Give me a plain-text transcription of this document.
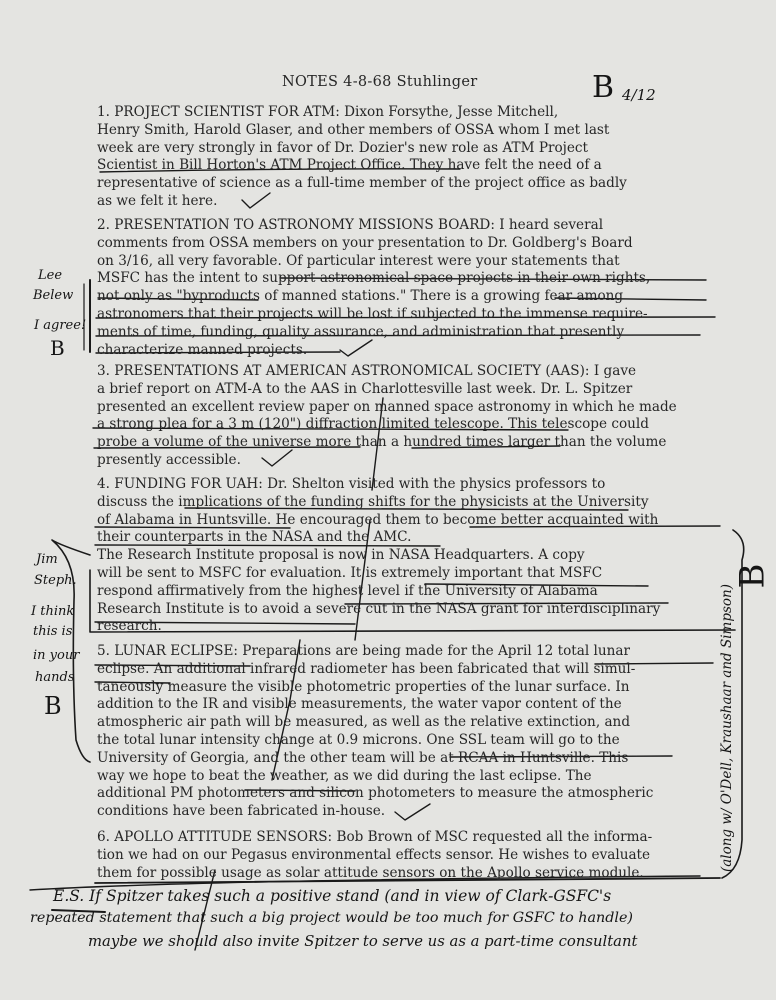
NOTES 4-8-68 Stuhlinger	B 4/12
1. PROJECT SCIENTIST FOR ATM: Dixon Forsythe, Jesse Mitchell,
Henry Smith, Harold Glaser, and other members of OSSA whom I met last
week are very strongly in favor of Dr. Dozier's new role as ATM Project
Scientist in Bill Horton's ATM Project Office. They have felt the need of a
representative of science as a full-time member of the project office as badly
as we felt it here.
2. PRESENTATION TO ASTRONOMY MISSIONS BOARD: I heard several
comments from OSSA members on your presentation to Dr. Goldberg's Board
on 3/16, all very favorable. Of particular interest were your statements that
MSFC has the intent to support astronomical space projects in their own rights,
not only as "byproducts of manned stations." There is a growing fear among
astronomers that their projects will be lost if subjected to the immense require-
ments of time, funding, quality assurance, and administration that presently
characterize manned projects.
3. PRESENTATIONS AT AMERICAN ASTRONOMICAL SOCIETY (AAS): I gave
a brief report on ATM-A to the AAS in Charlottesville last week. Dr. L. Spitzer
presented an excellent review paper on manned space astronomy in which he made
a strong plea for a 3 m (120") diffraction limited telescope. This telescope could
probe a volume of the universe more than a hundred times larger than the volume
presently accessible.
4. FUNDING FOR UAH: Dr. Shelton visited with the physics professors to
discuss the implications of the funding shifts for the physicists at the University
of Alabama in Huntsville. He encouraged them to become better acquainted with
their counterparts in the NASA and the AMC.
The Research Institute proposal is now in NASA Headquarters. A copy
will be sent to MSFC for evaluation. It is extremely important that MSFC
respond affirmatively from the highest level if the University of Alabama
Research Institute is to avoid a severe cut in the NASA grant for interdisciplinary
research.
5. LUNAR ECLIPSE: Preparations are being made for the April 12 total lunar
eclipse. An additional infrared radiometer has been fabricated that will simul-
taneously measure the visible photometric properties of the lunar surface. In
addition to the IR and visible measurements, the water vapor content of the
atmospheric air path will be measured, as well as the relative extinction, and
the total lunar intensity change at 0.9 microns. One SSL team will go to the
University of Georgia, and the other team will be at RCAA in Huntsville. This
way we hope to beat the weather, as we did during the last eclipse. The
additional PM photometers and silicon photometers to measure the atmospheric
conditions have been fabricated in-house.
6. APOLLO ATTITUDE SENSORS: Bob Brown of MSC requested all the informa-
tion we had on our Pegasus environmental effects sensor. He wishes to evaluate
them for possible usage as solar attitude sensors on the Apollo service module.
Lee
Belew
I agree!
B
Jim
Steph.
I think
this is
in your
hands
B	(along w/ O'Dell, Kraushaar and Simpson)
B
E.S. If Spitzer takes such a positive stand (and in view of Clark-GSFC's
repeated statement that such a big project would be too much for GSFC to handle)
maybe we should also invite Spitzer to serve us as a part-time consultant
